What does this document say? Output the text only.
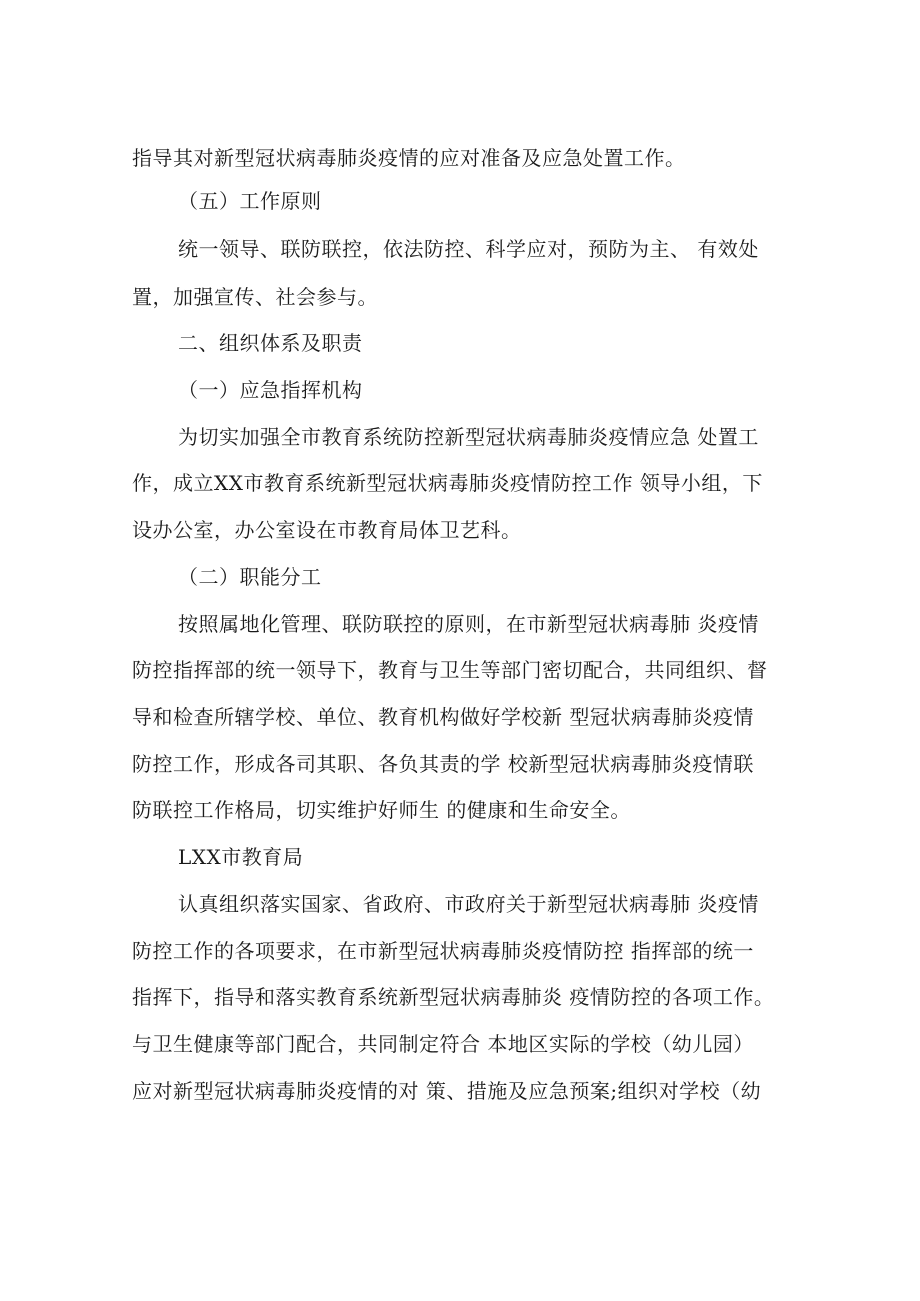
指导其对新型冠状病毒肺炎疫情的应对准备及应急处置工作。
（五）工作原则
统一领导、联防联控，依法防控、科学应对，预防为主、 有效处
置，加强宣传、社会参与。
二、组织体系及职责
（一）应急指挥机构
为切实加强全市教育系统防控新型冠状病毒肺炎疫情应急 处置工
作，成立XX市教育系统新型冠状病毒肺炎疫情防控工作 领导小组，下
设办公室，办公室设在市教育局体卫艺科。
（二）职能分工
按照属地化管理、联防联控的原则，在市新型冠状病毒肺 炎疫情
防控指挥部的统一领导下，教育与卫生等部门密切配合，共同组织、督
导和检查所辖学校、单位、教育机构做好学校新 型冠状病毒肺炎疫情
防控工作，形成各司其职、各负其责的学 校新型冠状病毒肺炎疫情联
防联控工作格局，切实维护好师生 的健康和生命安全。
LXX市教育局
认真组织落实国家、省政府、市政府关于新型冠状病毒肺 炎疫情
防控工作的各项要求，在市新型冠状病毒肺炎疫情防控 指挥部的统一
指挥下，指导和落实教育系统新型冠状病毒肺炎 疫情防控的各项工作。
与卫生健康等部门配合，共同制定符合 本地区实际的学校（幼儿园）
应对新型冠状病毒肺炎疫情的对 策、措施及应急预案;组织对学校（幼
